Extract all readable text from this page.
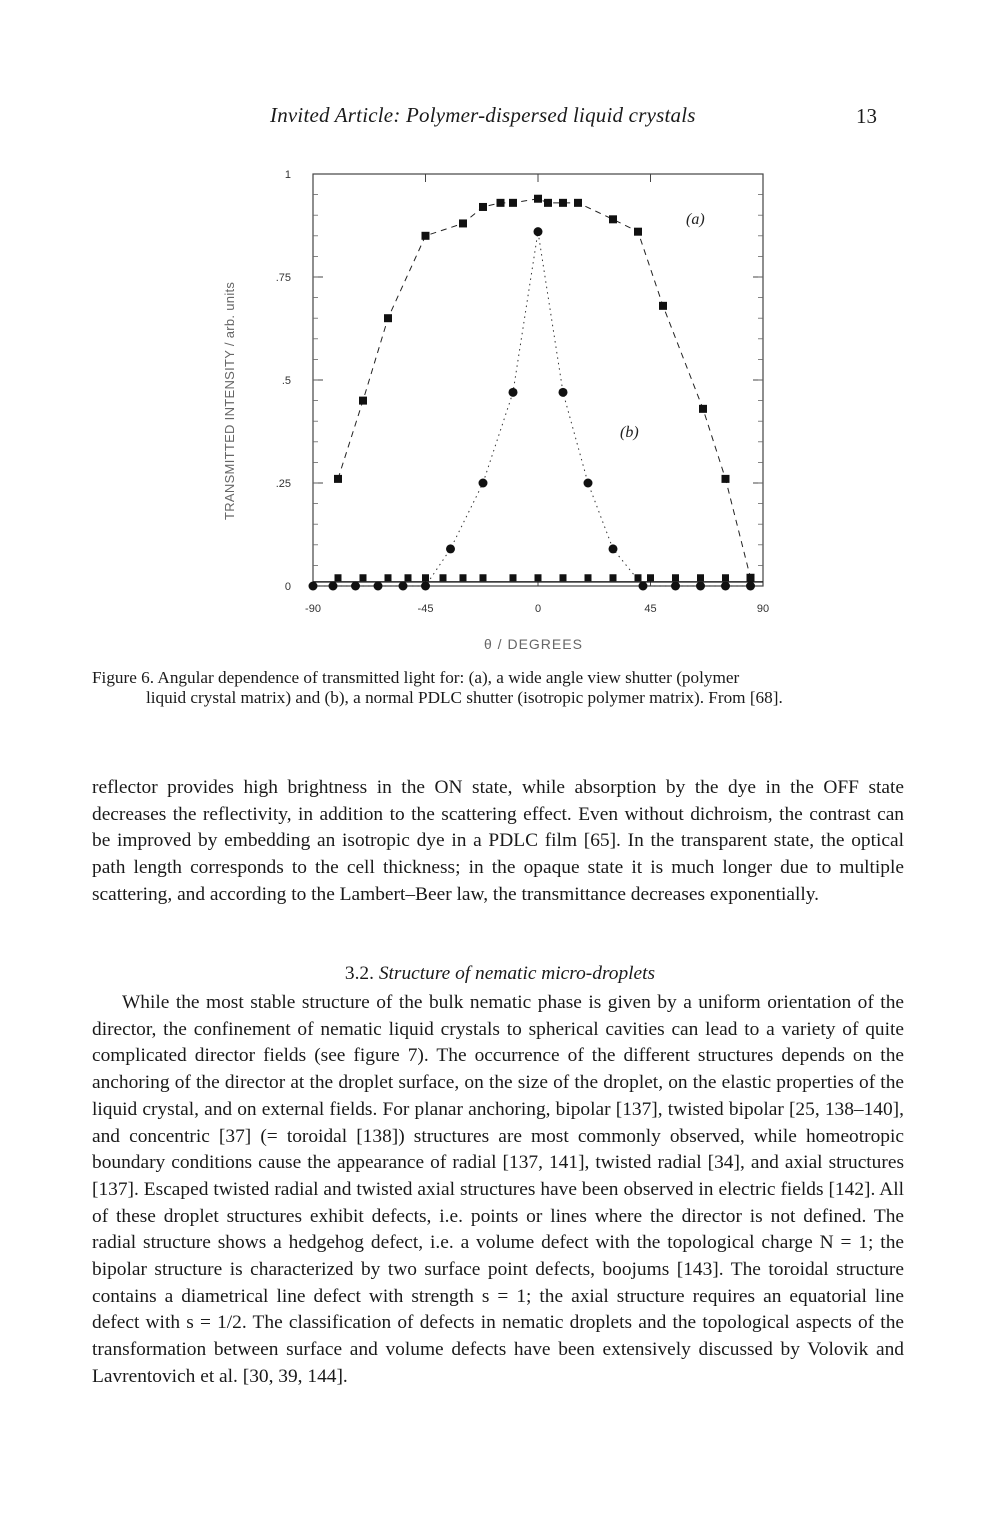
Invited Article: Polymer-dispersed liquid crystals	13
0
.25
.5
.75
1
-90	-45	0	45	90
(a)
(b)
TRANSMITTED INTENSITY / arb. units
θ / DEGREES
Figure 6. Angular dependence of transmitted light for: (a), a wide angle view shutter (polymer
liquid crystal matrix) and (b), a normal PDLC shutter (isotropic polymer matrix). From [68].
reflector provides high brightness in the ON state, while absorption by the dye in the OFF state decreases the reflectivity, in addition to the scattering effect. Even without dichroism, the contrast can be improved by embedding an isotropic dye in a PDLC film [65]. In the transparent state, the optical path length corresponds to the cell thickness; in the opaque state it is much longer due to multiple scattering, and according to the Lambert–Beer law, the transmittance decreases exponentially.
3.2. Structure of nematic micro-droplets
While the most stable structure of the bulk nematic phase is given by a uniform orientation of the director, the confinement of nematic liquid crystals to spherical cavities can lead to a variety of quite complicated director fields (see figure 7). The occurrence of the different structures depends on the anchoring of the director at the droplet surface, on the size of the droplet, on the elastic properties of the liquid crystal, and on external fields. For planar anchoring, bipolar [137], twisted bipolar [25, 138–140], and concentric [37] (= toroidal [138]) structures are most commonly observed, while homeotropic boundary conditions cause the appearance of radial [137, 141], twisted radial [34], and axial structures [137]. Escaped twisted radial and twisted axial structures have been observed in electric fields [142]. All of these droplet structures exhibit defects, i.e. points or lines where the director is not defined. The radial structure shows a hedgehog defect, i.e. a volume defect with the topological charge N = 1; the bipolar structure is characterized by two surface point defects, boojums [143]. The toroidal structure contains a diametrical line defect with strength s = 1; the axial structure requires an equatorial line defect with s = 1/2. The classification of defects in nematic droplets and the topological aspects of the transformation between surface and volume defects have been extensively discussed by Volovik and Lavrentovich et al. [30, 39, 144].
